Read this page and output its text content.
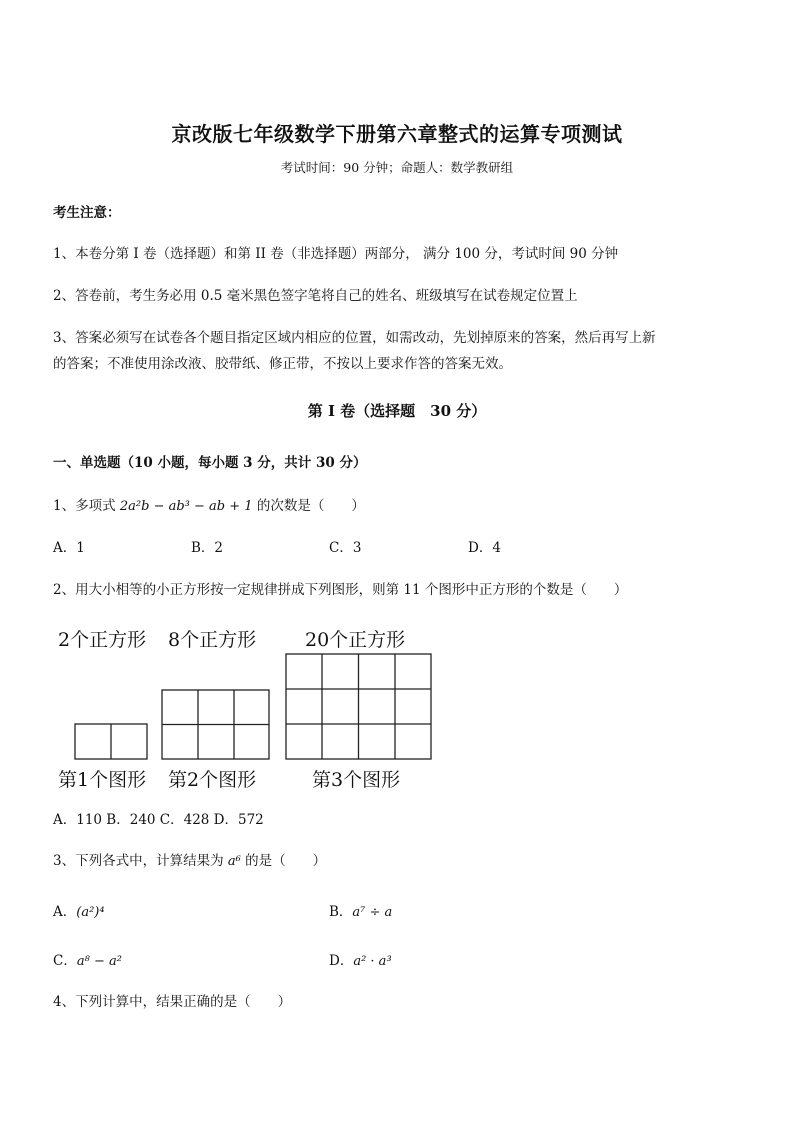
京改版七年级数学下册第六章整式的运算专项测试
考试时间：90 分钟；命题人：数学教研组
考生注意：
1、本卷分第 I 卷（选择题）和第 II 卷（非选择题）两部分， 满分 100 分，考试时间 90 分钟
2、答卷前，考生务必用 0.5 毫米黑色签字笔将自己的姓名、班级填写在试卷规定位置上
3、答案必须写在试卷各个题目指定区域内相应的位置，如需改动，先划掉原来的答案，然后再写上新
的答案；不准使用涂改液、胶带纸、修正带，不按以上要求作答的答案无效。
第 I 卷（选择题　30 分）
一、单选题（10 小题，每小题 3 分，共计 30 分）
1、多项式 2a²b − ab³ − ab + 1 的次数是（　　）
A．1	B．2	C．3	D．4
2、用大小相等的小正方形按一定规律拼成下列图形，则第 11 个图形中正方形的个数是（　　）
2个正方形 8个正方形	20个正方形
第1个图形 第2个图形	第3个图形
A．110 B．240 C．428 D．572
3、下列各式中，计算结果为 a⁶ 的是（　　）
A．(a²)⁴	B．a⁷ ÷ a
C．a⁸ − a²	D．a² · a³
4、下列计算中，结果正确的是（　　）
